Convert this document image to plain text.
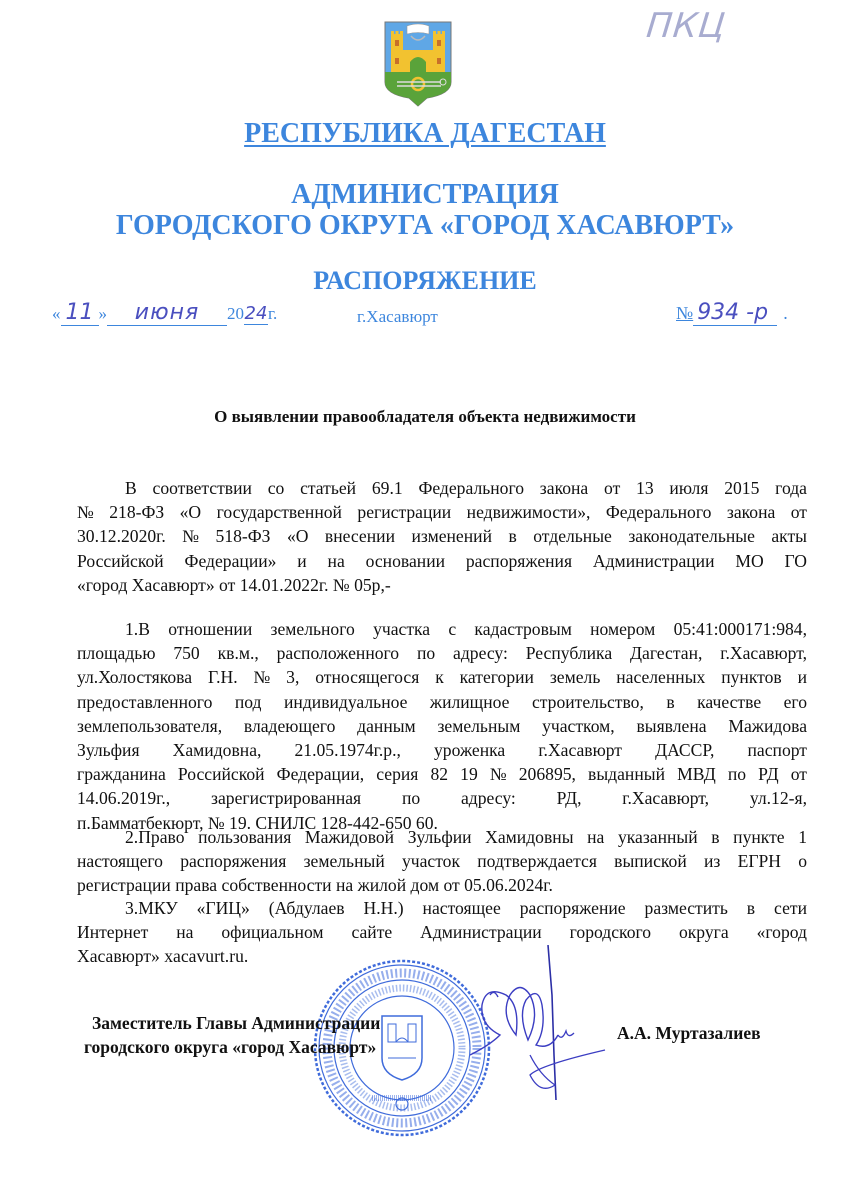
ПКЦ
РЕСПУБЛИКА ДАГЕСТАН
АДМИНИСТРАЦИЯ
ГОРОДСКОГО ОКРУГА «ГОРОД ХАСАВЮРТ»
РАСПОРЯЖЕНИЕ
« 11 » июня 2024г.	г.Хасавюрт	№ 934 -р .
О выявлении правообладателя объекта недвижимости
В соответствии со статьей 69.1 Федерального закона от 13 июля 2015 года
№ 218-ФЗ «О государственной регистрации недвижимости», Федерального закона от
30.12.2020г. № 518-ФЗ «О внесении изменений в отдельные законодательные акты
Российской Федерации» и на основании распоряжения Администрации МО ГО
«город Хасавюрт» от 14.01.2022г. № 05р,-
1.В отношении земельного участка с кадастровым номером 05:41:000171:984,
площадью 750 кв.м., расположенного по адресу: Республика Дагестан, г.Хасавюрт,
ул.Холостякова Г.Н. № 3, относящегося к категории земель населенных пунктов и
предоставленного под индивидуальное жилищное строительство, в качестве его
землепользователя, владеющего данным земельным участком, выявлена Мажидова
Зульфия Хамидовна, 21.05.1974г.р., уроженка г.Хасавюрт ДАССР, паспорт
гражданина Российской Федерации, серия 82 19 № 206895, выданный МВД по РД от
14.06.2019г., зарегистрированная по адресу: РД, г.Хасавюрт, ул.12-я,
п.Бамматбекюрт, № 19. СНИЛС 128-442-650 60.
2.Право пользования Мажидовой Зульфии Хамидовны на указанный в пункте 1
настоящего распоряжения земельный участок подтверждается выпиской из ЕГРН о
регистрации права собственности на жилой дом от 05.06.2024г.
3.МКУ «ГИЦ» (Абдулаев Н.Н.) настоящее распоряжение разместить в сети
Интернет на официальном сайте Администрации городского округа «город
Хасавюрт» xacavurt.ru.
Заместитель Главы Администрации
городского округа «город Хасавюрт»
А.А. Муртазалиев
